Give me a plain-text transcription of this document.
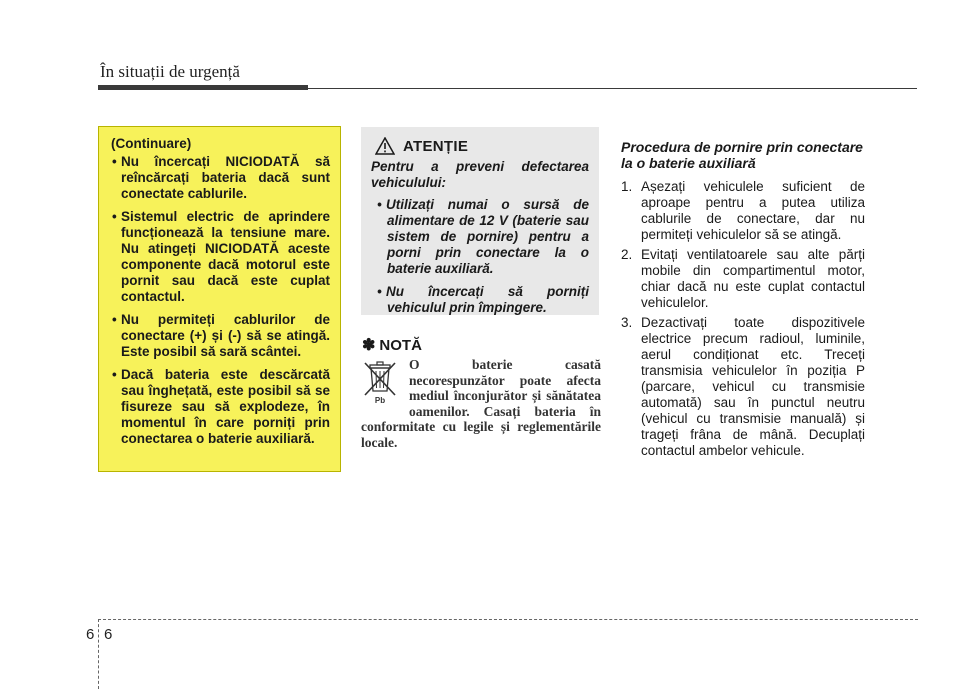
În situații de urgență
(Continuare)
• Nu încercați NICIODATĂ să reîncărcați bateria dacă sunt conectate cablurile.
• Sistemul electric de aprindere funcționează la tensiune mare. Nu atingeți NICIODATĂ aceste componente dacă motorul este pornit sau dacă este cuplat contactul.
• Nu permiteți cablurilor de conectare (+) și (-) să se atingă. Este posibil să sară scântei.
• Dacă bateria este descărcată sau înghețată, este posibil să se fisureze sau să explodeze, în momentul în care porniți prin conectarea o baterie auxiliară.
ATENȚIE
Pentru a preveni defectarea vehiculului:
• Utilizați numai o sursă de alimentare de 12 V (baterie sau sistem de pornire) pentru a porni prin conectare la o baterie auxiliară.
• Nu încercați să porniți vehiculul prin împingere.
✽ NOTĂ
Pb
O baterie casată necorespunzător poate afecta mediul înconjurător și sănătatea oamenilor. Casați bateria în conformitate cu legile și reglementările locale.
Procedura de pornire prin conectare la o baterie auxiliară
1. Așezați vehiculele suficient de aproape pentru a putea utiliza cablurile de conectare, dar nu permiteți vehiculelor să se atingă.
2. Evitați ventilatoarele sau alte părți mobile din compartimentul motor, chiar dacă nu este cuplat contactul vehiculelor.
3. Dezactivați toate dispozitivele electrice precum radioul, luminile, aerul condiționat etc. Treceți transmisia vehiculelor în poziția P (parcare, vehicul cu transmisie automată) sau în punctul neutru (vehicul cu transmisie manuală) și trageți frâna de mână. Decuplați contactul ambelor vehicule.
6 6
